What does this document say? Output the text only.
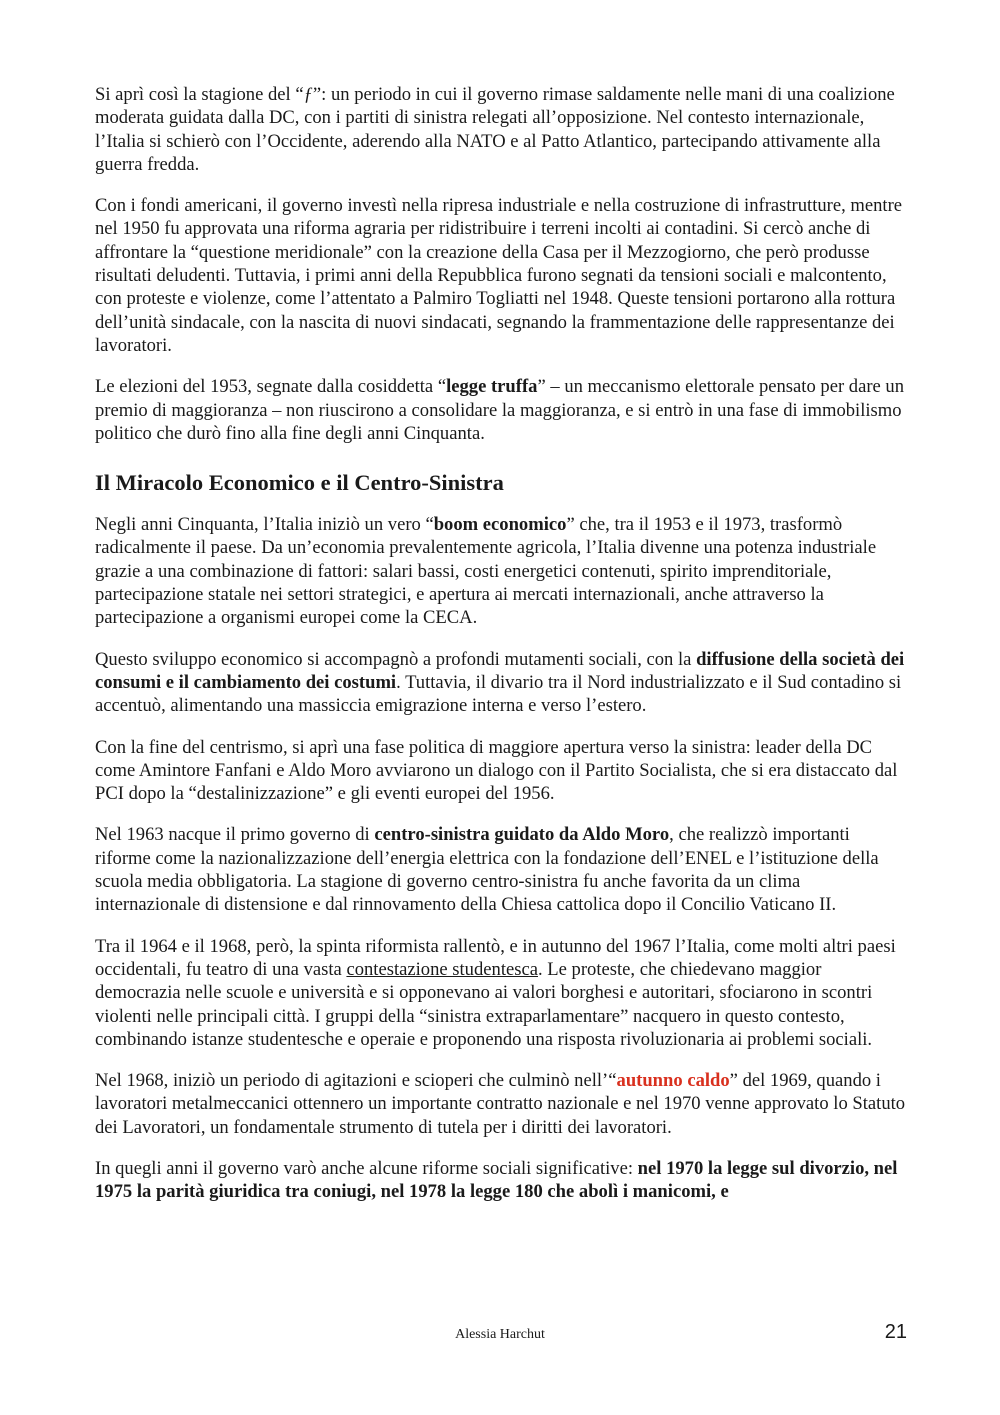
Si aprì così la stagione del “ƒ”: un periodo in cui il governo rimase saldamente nelle mani di una coalizione moderata guidata dalla DC, con i partiti di sinistra relegati all’opposizione. Nel contesto internazionale, l’Italia si schierò con l’Occidente, aderendo alla NATO e al Patto Atlantico, partecipando attivamente alla guerra fredda.

Con i fondi americani, il governo investì nella ripresa industriale e nella costruzione di infrastrutture, mentre nel 1950 fu approvata una riforma agraria per ridistribuire i terreni incolti ai contadini. Si cercò anche di affrontare la “questione meridionale” con la creazione della Casa per il Mezzogiorno, che però produsse risultati deludenti. Tuttavia, i primi anni della Repubblica furono segnati da tensioni sociali e malcontento, con proteste e violenze, come l’attentato a Palmiro Togliatti nel 1948. Queste tensioni portarono alla rottura dell’unità sindacale, con la nascita di nuovi sindacati, segnando la frammentazione delle rappresentanze dei lavoratori.

Le elezioni del 1953, segnate dalla cosiddetta “legge truffa” – un meccanismo elettorale pensato per dare un premio di maggioranza – non riuscirono a consolidare la maggioranza, e si entrò in una fase di immobilismo politico che durò fino alla fine degli anni Cinquanta.

Il Miracolo Economico e il Centro-Sinistra

Negli anni Cinquanta, l’Italia iniziò un vero “boom economico” che, tra il 1953 e il 1973, trasformò radicalmente il paese. Da un’economia prevalentemente agricola, l’Italia divenne una potenza industriale grazie a una combinazione di fattori: salari bassi, costi energetici contenuti, spirito imprenditoriale, partecipazione statale nei settori strategici, e apertura ai mercati internazionali, anche attraverso la partecipazione a organismi europei come la CECA.

Questo sviluppo economico si accompagnò a profondi mutamenti sociali, con la diffusione della società dei consumi e il cambiamento dei costumi. Tuttavia, il divario tra il Nord industrializzato e il Sud contadino si accentuò, alimentando una massiccia emigrazione interna e verso l’estero.

Con la fine del centrismo, si aprì una fase politica di maggiore apertura verso la sinistra: leader della DC come Amintore Fanfani e Aldo Moro avviarono un dialogo con il Partito Socialista, che si era distaccato dal PCI dopo la “destalinizzazione” e gli eventi europei del 1956.

Nel 1963 nacque il primo governo di centro-sinistra guidato da Aldo Moro, che realizzò importanti riforme come la nazionalizzazione dell’energia elettrica con la fondazione dell’ENEL e l’istituzione della scuola media obbligatoria. La stagione di governo centro-sinistra fu anche favorita da un clima internazionale di distensione e dal rinnovamento della Chiesa cattolica dopo il Concilio Vaticano II.

Tra il 1964 e il 1968, però, la spinta riformista rallentò, e in autunno del 1967 l’Italia, come molti altri paesi occidentali, fu teatro di una vasta contestazione studentesca. Le proteste, che chiedevano maggior democrazia nelle scuole e università e si opponevano ai valori borghesi e autoritari, sfociarono in scontri violenti nelle principali città. I gruppi della “sinistra extraparlamentare” nacquero in questo contesto, combinando istanze studentesche e operaie e proponendo una risposta rivoluzionaria ai problemi sociali.

Nel 1968, iniziò un periodo di agitazioni e scioperi che culminò nell’“autunno caldo” del 1969, quando i lavoratori metalmeccanici ottennero un importante contratto nazionale e nel 1970 venne approvato lo Statuto dei Lavoratori, un fondamentale strumento di tutela per i diritti dei lavoratori.

In quegli anni il governo varò anche alcune riforme sociali significative: nel 1970 la legge sul divorzio, nel 1975 la parità giuridica tra coniugi, nel 1978 la legge 180 che abolì i manicomi, e

Alessia Harchut	21
